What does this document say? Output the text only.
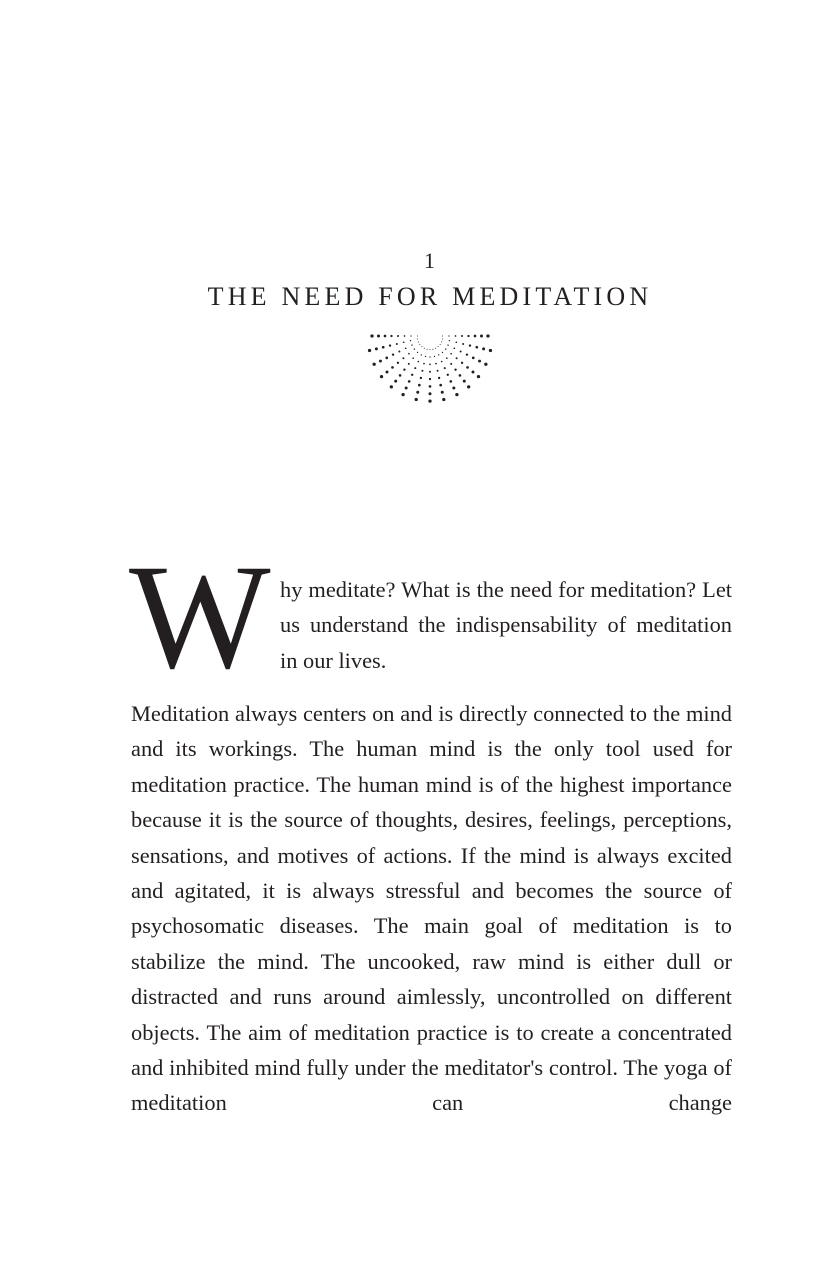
1
THE NEED FOR MEDITATION
W hy meditate? What is the need for meditation? Let us understand the indispensability of meditation in our lives.

Meditation always centers on and is directly connected to the mind and its workings. The human mind is the only tool used for meditation practice. The human mind is of the highest importance because it is the source of thoughts, desires, feelings, perceptions, sensations, and motives of actions. If the mind is always excited and agitated, it is always stressful and becomes the source of psychosomatic diseases. The main goal of meditation is to stabilize the mind. The uncooked, raw mind is either dull or distracted and runs around aimlessly, uncontrolled on different objects. The aim of meditation practice is to create a concentrated and inhibited mind fully under the meditator's control. The yoga of meditation can change
